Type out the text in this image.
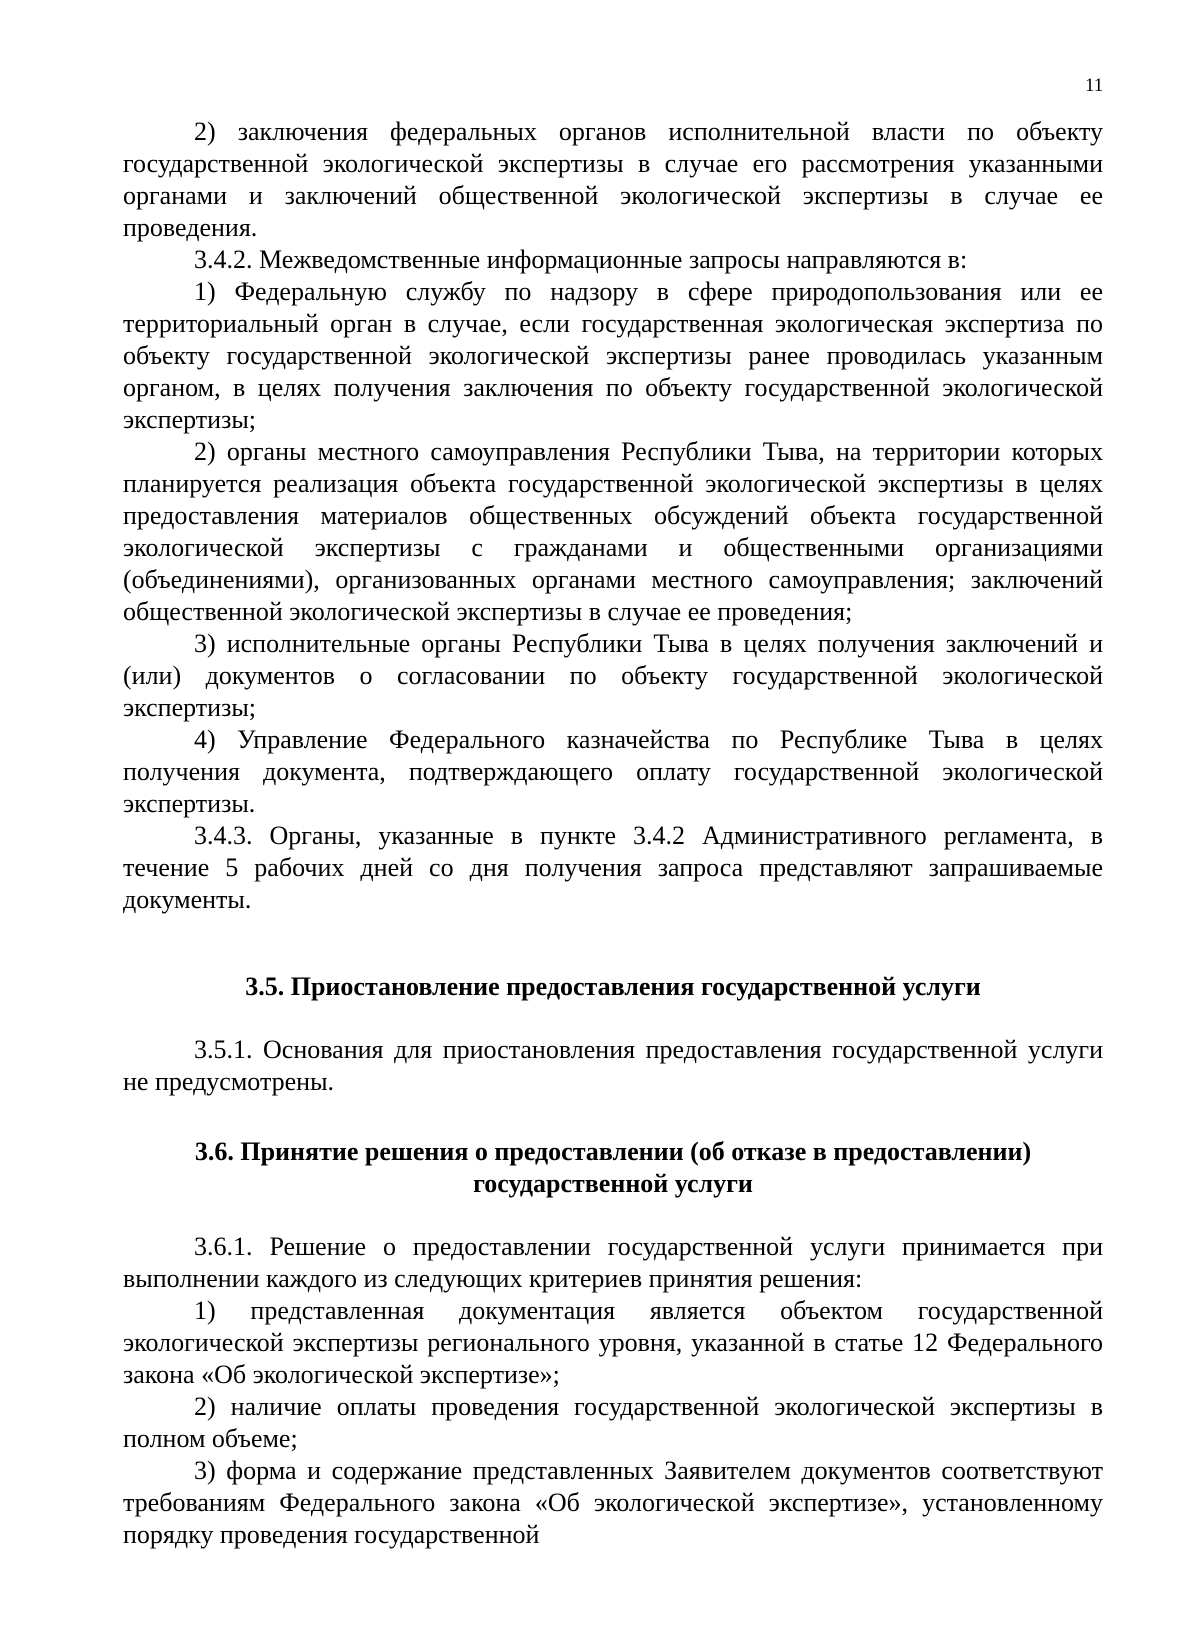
11

2) заключения федеральных органов исполнительной власти по объекту государственной экологической экспертизы в случае его рассмотрения указанными органами и заключений общественной экологической экспертизы в случае ее проведения.

3.4.2. Межведомственные информационные запросы направляются в:

1) Федеральную службу по надзору в сфере природопользования или ее территориальный орган в случае, если государственная экологическая экспертиза по объекту государственной экологической экспертизы ранее проводилась указанным органом, в целях получения заключения по объекту государственной экологической экспертизы;

2) органы местного самоуправления Республики Тыва, на территории которых планируется реализация объекта государственной экологической экспертизы в целях предоставления материалов общественных обсуждений объекта государственной экологической экспертизы с гражданами и общественными организациями (объединениями), организованных органами местного самоуправления; заключений общественной экологической экспертизы в случае ее проведения;

3) исполнительные органы Республики Тыва в целях получения заключений и (или) документов о согласовании по объекту государственной экологической экспертизы;

4) Управление Федерального казначейства по Республике Тыва в целях получения документа, подтверждающего оплату государственной экологической экспертизы.

3.4.3. Органы, указанные в пункте 3.4.2 Административного регламента, в течение 5 рабочих дней со дня получения запроса представляют запрашиваемые документы.

3.5. Приостановление предоставления государственной услуги

3.5.1. Основания для приостановления предоставления государственной услуги не предусмотрены.

3.6. Принятие решения о предоставлении (об отказе в предоставлении)
государственной услуги

3.6.1. Решение о предоставлении государственной услуги принимается при выполнении каждого из следующих критериев принятия решения:

1) представленная документация является объектом государственной экологической экспертизы регионального уровня, указанной в статье 12 Федерального закона «Об экологической экспертизе»;

2) наличие оплаты проведения государственной экологической экспертизы в полном объеме;

3) форма и содержание представленных Заявителем документов соответствуют требованиям Федерального закона «Об экологической экспертизе», установленному порядку проведения государственной
